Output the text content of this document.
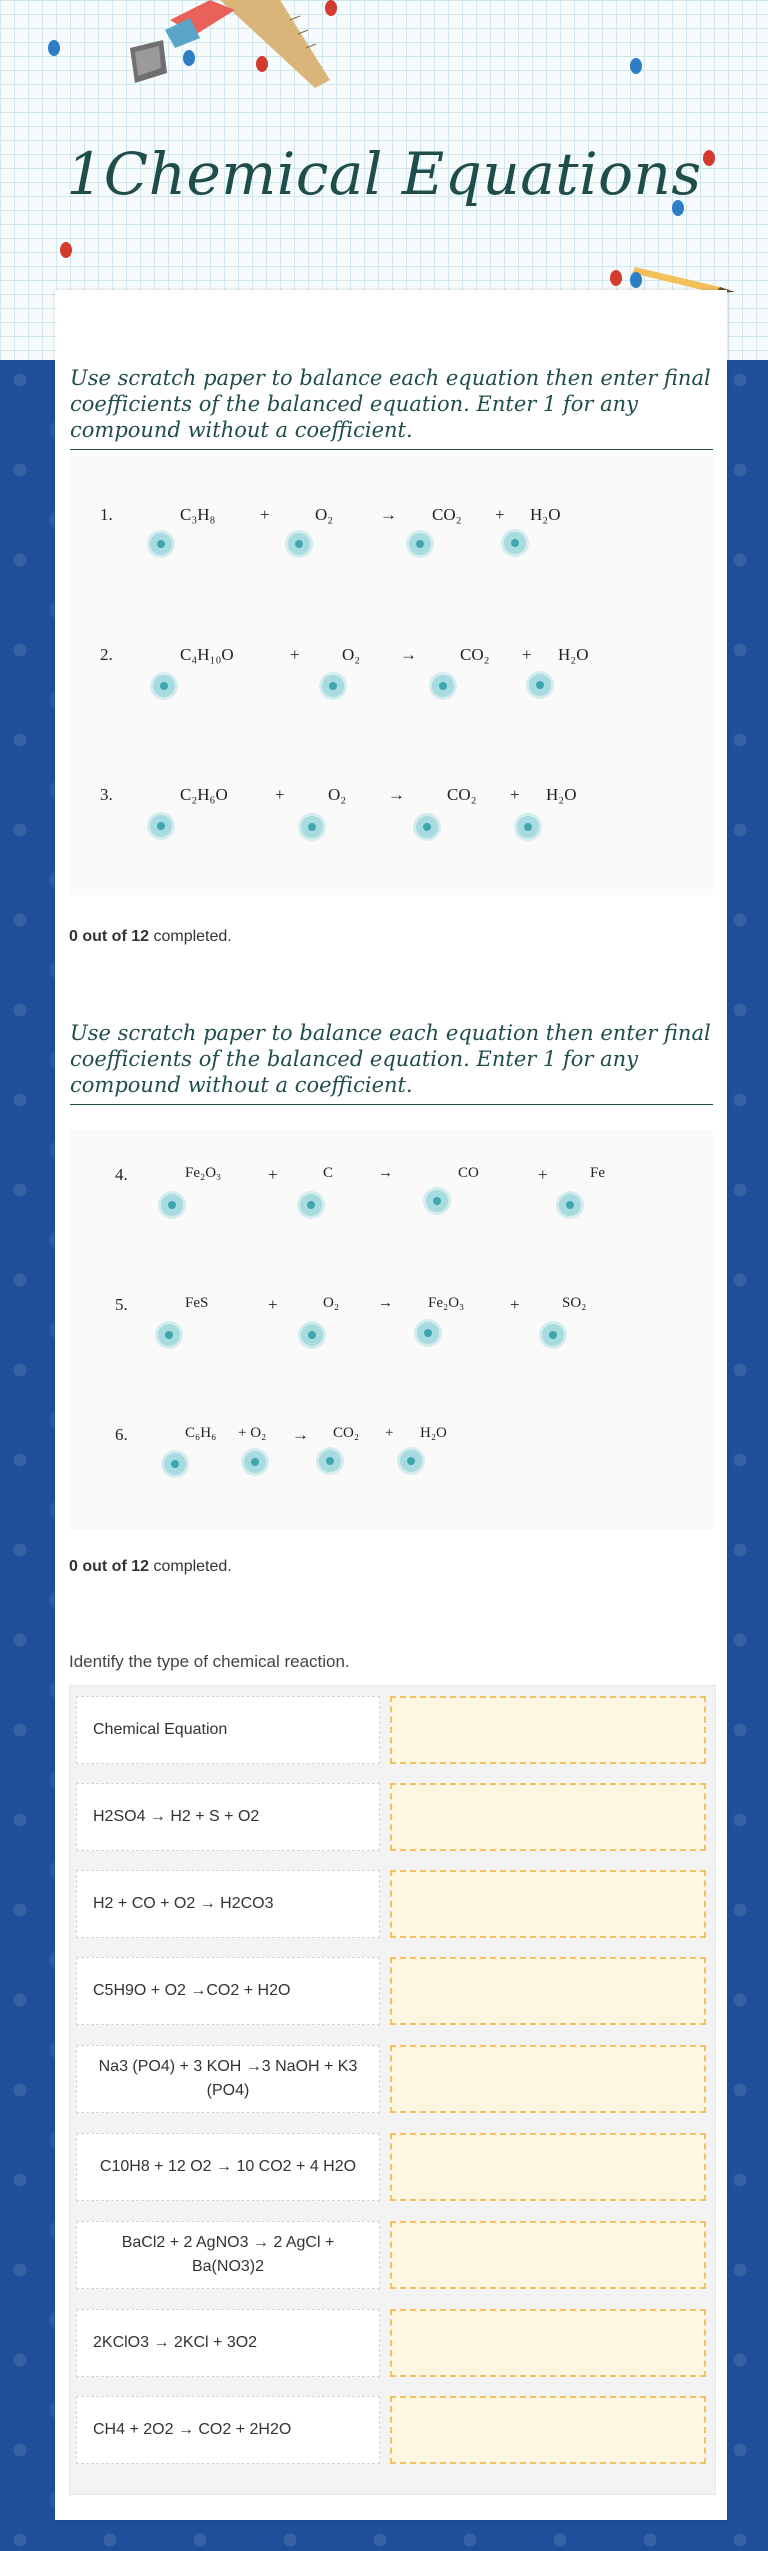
1Chemical Equations
Use scratch paper to balance each equation then enter final coefficients of the balanced equation. Enter 1 for any compound without a coefficient.
1.	C₃H₈	+	O₂	→ CO₂ + H₂O
2.	C₄H₁₀O	+ O₂ →	CO₂ + H₂O
3.	C₂H₆O	+	O₂ → CO₂ + H₂O
0 out of 12 completed.
Use scratch paper to balance each equation then enter final coefficients of the balanced equation. Enter 1 for any compound without a coefficient.
4.	Fe₂O₃	+	C	→	CO	+	Fe
5.	FeS	+	O₂	→ Fe₂O₃	+	SO₂
6.	C₆H₆ + O₂ → CO₂ + H₂O
0 out of 12 completed.
Identify the type of chemical reaction.
Chemical Equation
H2SO4 → H2 + S + O2
H2 + CO + O2 → H2CO3
C5H9O + O2 →CO2 + H2O
Na3 (PO4) + 3 KOH →3 NaOH + K3 (PO4)
C10H8 + 12 O2 → 10 CO2 + 4 H2O
BaCl2 + 2 AgNO3 → 2 AgCl + Ba(NO3)2
2KClO3 → 2KCl + 3O2
CH4 + 2O2 → CO2 + 2H2O
